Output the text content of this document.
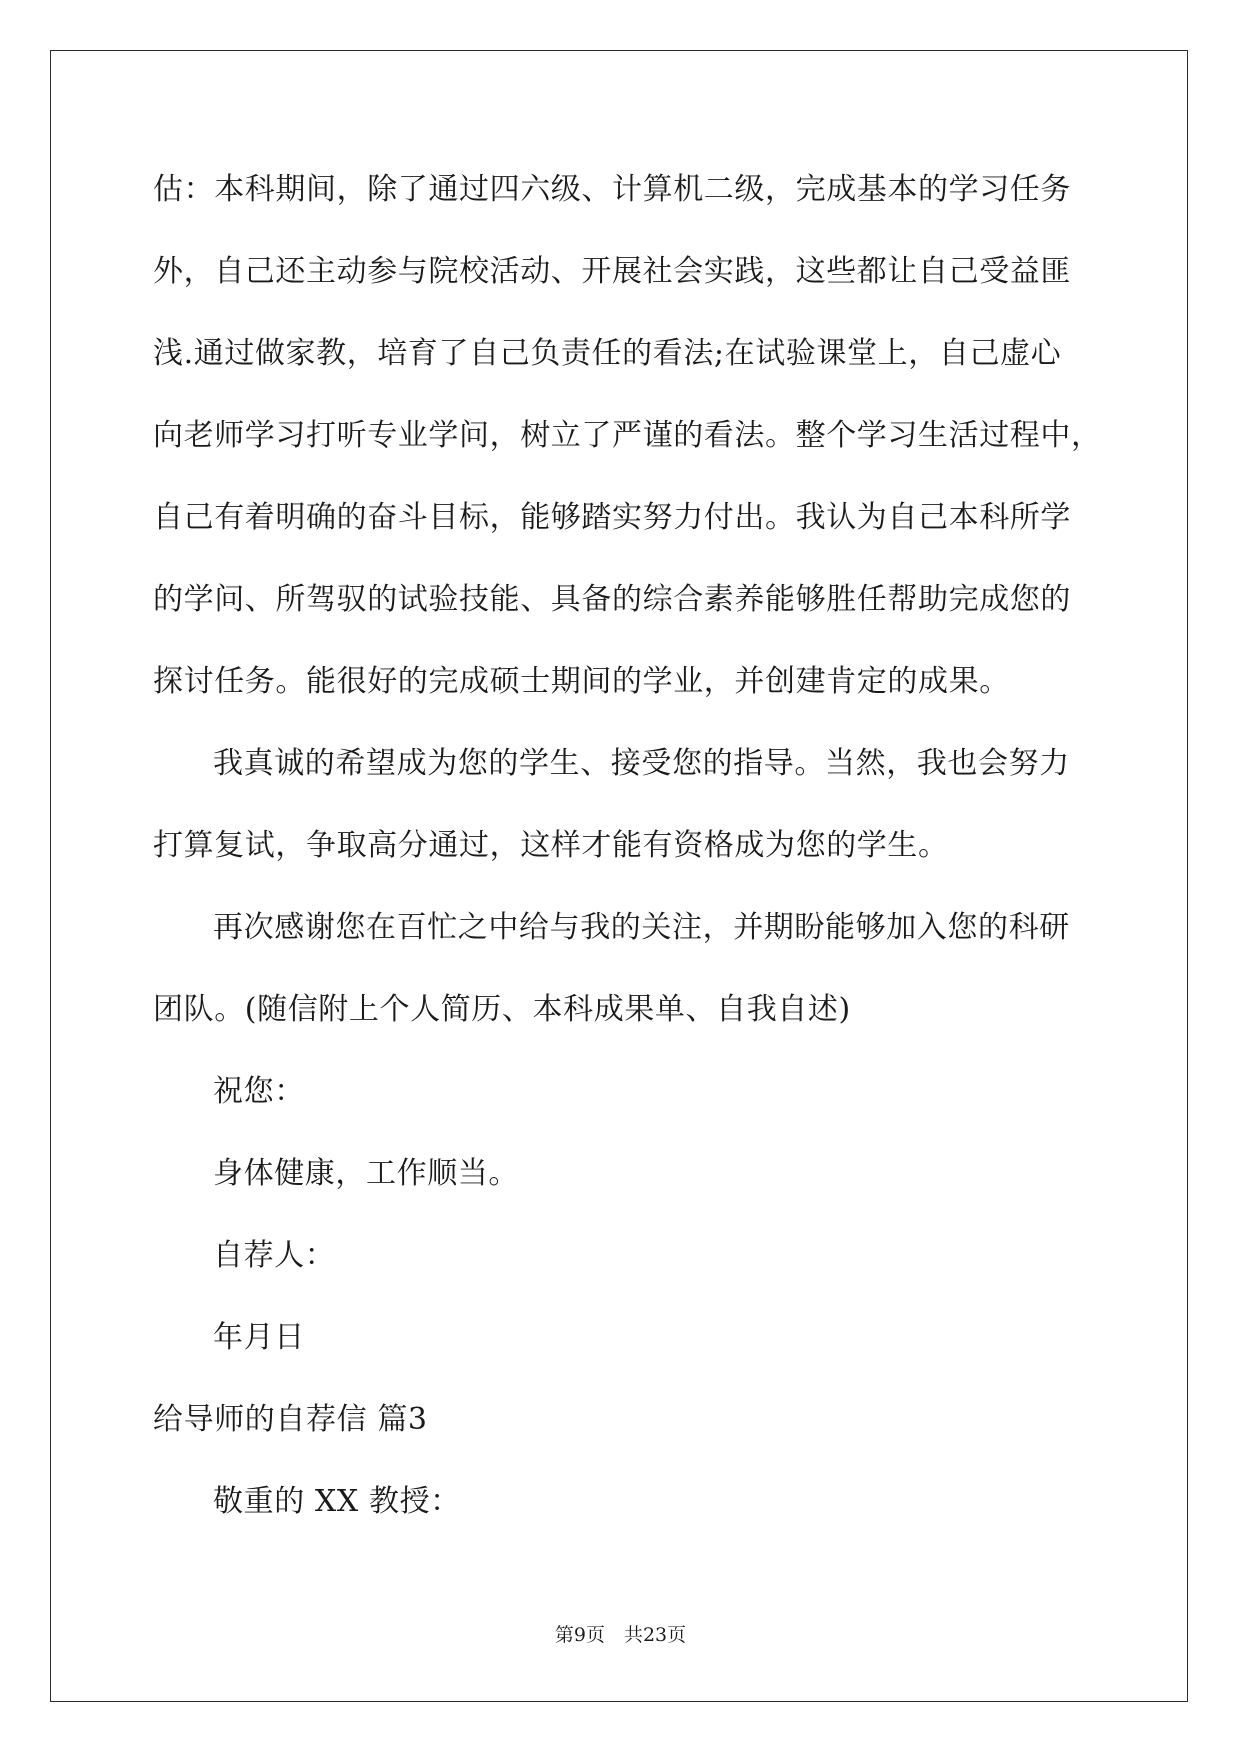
估：本科期间，除了通过四六级、计算机二级，完成基本的学习任务
外，自己还主动参与院校活动、开展社会实践，这些都让自己受益匪
浅.通过做家教，培育了自己负责任的看法;在试验课堂上，自己虚心
向老师学习打听专业学问，树立了严谨的看法。整个学习生活过程中，
自己有着明确的奋斗目标，能够踏实努力付出。我认为自己本科所学
的学问、所驾驭的试验技能、具备的综合素养能够胜任帮助完成您的
探讨任务。能很好的完成硕士期间的学业，并创建肯定的成果。
我真诚的希望成为您的学生、接受您的指导。当然，我也会努力
打算复试，争取高分通过，这样才能有资格成为您的学生。
再次感谢您在百忙之中给与我的关注，并期盼能够加入您的科研
团队。(随信附上个人简历、本科成果单、自我自述)
祝您：
身体健康，工作顺当。
自荐人：
年月日
给导师的自荐信 篇3
敬重的 XX 教授：
第9页　共23页
